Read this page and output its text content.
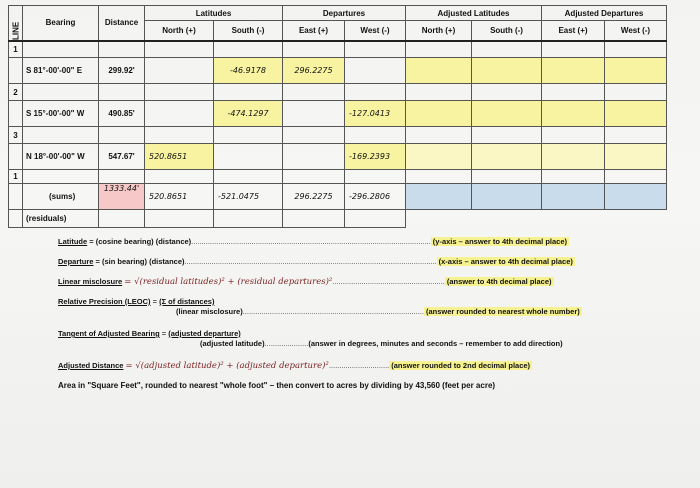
LINE	Bearing	Distance	Latitudes		Departures		Adjusted Latitudes		Adjusted Departures	
			North (+)	South (-)	East (+)	West (-)	North (+)	South (-)	East (+)	West (-)
1										
	S 81°-00'-00" E	299.92'		-46.9178	296.2275					
2										
	S 15°-00'-00" W	490.85'		-474.1297		-127.0413				
3										
	N 18°-00'-00" W	547.67'	520.8651			-169.2393				
1										
	(sums)	1333.44'	520.8651	-521.0475	296.2275	-296.2806				
	(residuals)									
Latitude = (cosine bearing) (distance)................................................................................................................... (y-axis – answer to 4th decimal place)
Departure = (sin bearing) (distance)......................................................................................................................... (x-axis – answer to 4th decimal place)
Linear misclosure = √(residual latitudes)² + (residual departures)²...................................................... (answer to 4th decimal place)
Relative Precision (LEOC) = (Σ of distances)
(linear misclosure)....................................................................................... (answer rounded to nearest whole number)
Tangent of Adjusted Bearing = (adjusted departure)
(adjusted latitude).....................(answer in degrees, minutes and seconds – remember to add direction)
Adjusted Distance = √(adjusted latitude)² + (adjusted departure)²............................. (answer rounded to 2nd decimal place)
Area in "Square Feet", rounded to nearest "whole foot" – then convert to acres by dividing by 43,560 (feet per acre)
